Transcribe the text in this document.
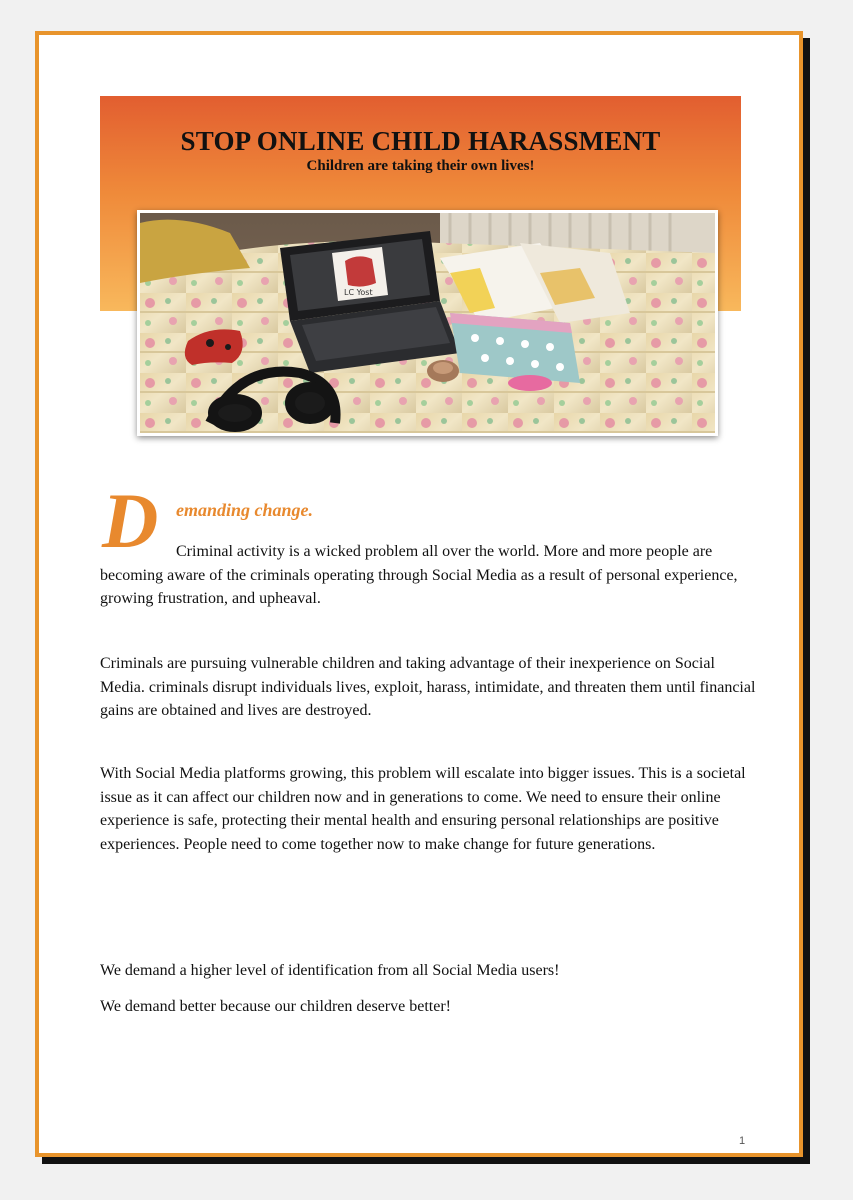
STOP ONLINE CHILD HARASSMENT
Children are taking their own lives!
LC Yost
D emanding change.

Criminal activity is a wicked problem all over the world. More and more people are becoming aware of the criminals operating through Social Media as a result of personal experience, growing frustration, and upheaval.

Criminals are pursuing vulnerable children and taking advantage of their inexperience on Social Media. criminals disrupt individuals lives, exploit, harass, intimidate, and threaten them until financial gains are obtained and lives are destroyed.

With Social Media platforms growing, this problem will escalate into bigger issues. This is a societal issue as it can affect our children now and in generations to come. We need to ensure their online experience is safe, protecting their mental health and ensuring personal relationships are positive experiences. People need to come together now to make change for future generations.

We demand a higher level of identification from all Social Media users!

We demand better because our children deserve better!

1
